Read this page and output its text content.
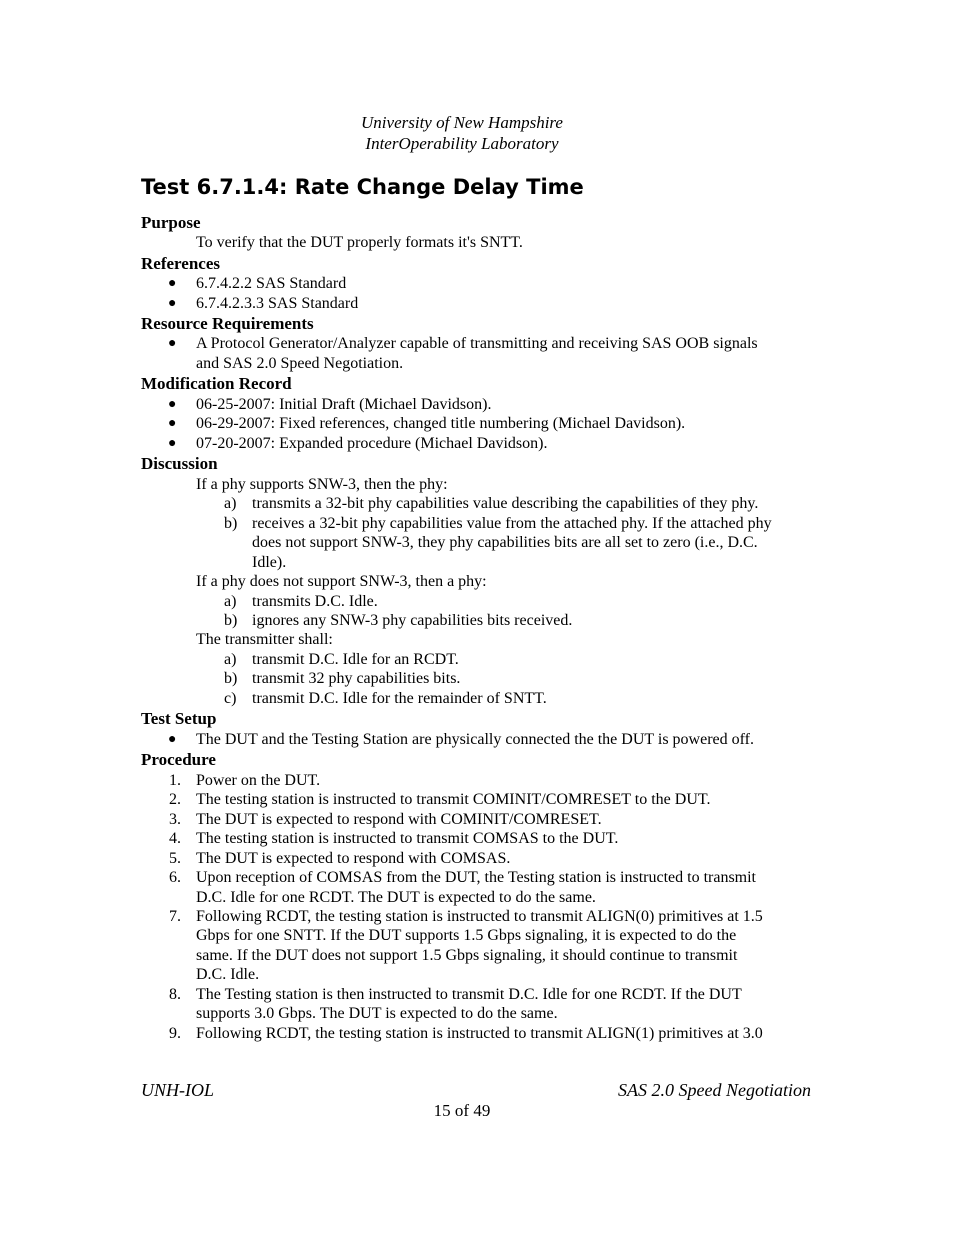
University of New Hampshire
InterOperability Laboratory
Test 6.7.1.4: Rate Change Delay Time
Purpose
To verify that the DUT properly formats it's SNTT.
References
● 6.7.4.2.2 SAS Standard
● 6.7.4.2.3.3 SAS Standard
Resource Requirements
● A Protocol Generator/Analyzer capable of transmitting and receiving SAS OOB signals
and SAS 2.0 Speed Negotiation.
Modification Record
● 06-25-2007: Initial Draft (Michael Davidson).
● 06-29-2007: Fixed references, changed title numbering (Michael Davidson).
● 07-20-2007: Expanded procedure (Michael Davidson).
Discussion
If a phy supports SNW-3, then the phy:
a) transmits a 32-bit phy capabilities value describing the capabilities of they phy.
b) receives a 32-bit phy capabilities value from the attached phy. If the attached phy
does not support SNW-3, they phy capabilities bits are all set to zero (i.e., D.C.
Idle).
If a phy does not support SNW-3, then a phy:
a) transmits D.C. Idle.
b) ignores any SNW-3 phy capabilities bits received.
The transmitter shall:
a) transmit D.C. Idle for an RCDT.
b) transmit 32 phy capabilities bits.
c) transmit D.C. Idle for the remainder of SNTT.
Test Setup
● The DUT and the Testing Station are physically connected the the DUT is powered off.
Procedure
1. Power on the DUT.
2. The testing station is instructed to transmit COMINIT/COMRESET to the DUT.
3. The DUT is expected to respond with COMINIT/COMRESET.
4. The testing station is instructed to transmit COMSAS to the DUT.
5. The DUT is expected to respond with COMSAS.
6. Upon reception of COMSAS from the DUT, the Testing station is instructed to transmit
D.C. Idle for one RCDT. The DUT is expected to do the same.
7. Following RCDT, the testing station is instructed to transmit ALIGN(0) primitives at 1.5
Gbps for one SNTT. If the DUT supports 1.5 Gbps signaling, it is expected to do the
same. If the DUT does not support 1.5 Gbps signaling, it should continue to transmit
D.C. Idle.
8. The Testing station is then instructed to transmit D.C. Idle for one RCDT. If the DUT
supports 3.0 Gbps. The DUT is expected to do the same.
9. Following RCDT, the testing station is instructed to transmit ALIGN(1) primitives at 3.0
UNH-IOL	SAS 2.0 Speed Negotiation
15 of 49
